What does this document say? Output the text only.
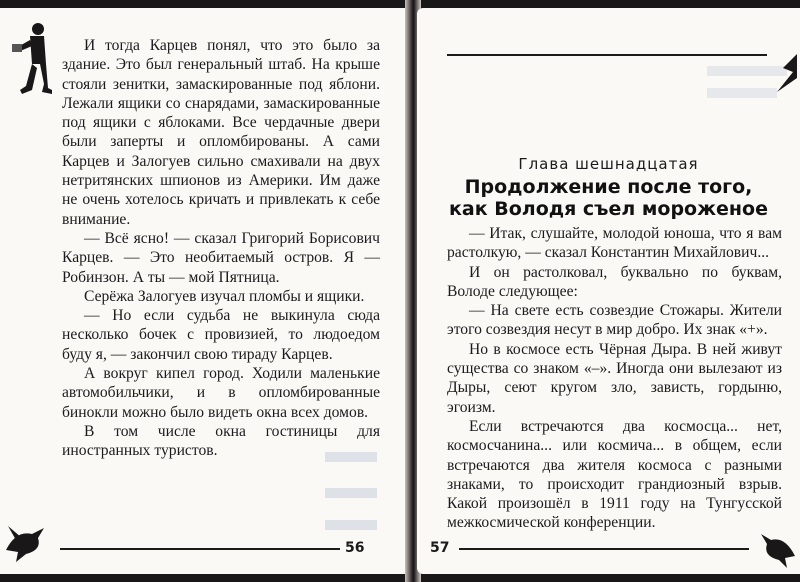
И тогда Карцев понял, что это было за здание. Это был генеральный штаб. На крыше стояли зенитки, замаскированные под яблони. Лежали ящики со снарядами, замаскированные под ящики с яблоками. Все чердачные двери были заперты и опломбированы. А сами Карцев и Залогуев сильно смахивали на двух нетритянских шпионов из Америки. Им даже не очень хотелось кричать и привлекать к себе внимание.

— Всё ясно! — сказал Григорий Борисович Карцев. — Это необитаемый остров. Я — Робинзон. А ты — мой Пятница.

Серёжа Залогуев изучал пломбы и ящики.

— Но если судьба не выкинула сюда несколько бочек с провизией, то людоедом буду я, — закончил свою тираду Карцев.

А вокруг кипел город. Ходили маленькие автомобильчики, и в опломбированные бинокли можно было видеть окна всех домов.

В том числе окна гостиницы для иностранных туристов.

56
Глава шешнадцатая
Продолжение после того,
как Володя съел мороженое

— Итак, слушайте, молодой юноша, что я вам растолкую, — сказал Константин Михайлович...

И он растолковал, буквально по буквам, Володе следующее:

— На свете есть созвездие Стожары. Жители этого созвездия несут в мир добро. Их знак «+».

Но в космосе есть Чёрная Дыра. В ней живут существа со знаком «–». Иногда они вылезают из Дыры, сеют кругом зло, зависть, гордыню, эгоизм.

Если встречаются два космосца... нет, космосчанина... или космича... в общем, если встречаются два жителя космоса с разными знаками, то происходит грандиозный взрыв. Какой произошёл в 1911 году на Тунгусской межкосмической конференции.

57
